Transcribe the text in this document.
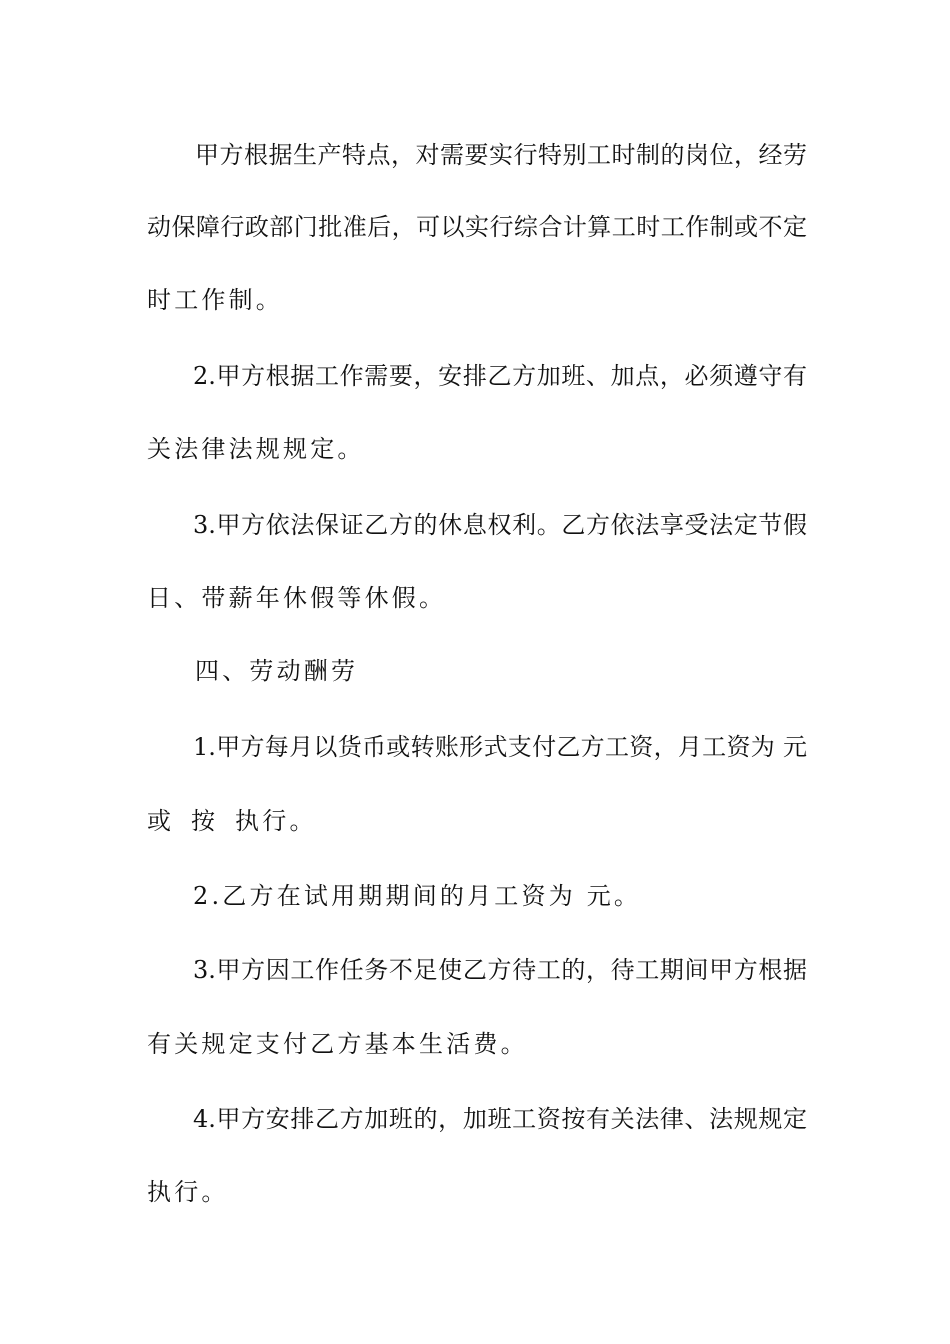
甲方根据生产特点，对需要实行特别工时制的岗位，经劳
动保障行政部门批准后，可以实行综合计算工时工作制或不定
时工作制。
2.甲方根据工作需要，安排乙方加班、加点，必须遵守有
关法律法规规定。
3.甲方依法保证乙方的休息权利。乙方依法享受法定节假
日、带薪年休假等休假。
四、劳动酬劳
1.甲方每月以货币或转账形式支付乙方工资，月工资为 元
或 按 执行。
2.乙方在试用期期间的月工资为 元。
3.甲方因工作任务不足使乙方待工的，待工期间甲方根据
有关规定支付乙方基本生活费。
4.甲方安排乙方加班的，加班工资按有关法律、法规规定
执行。
